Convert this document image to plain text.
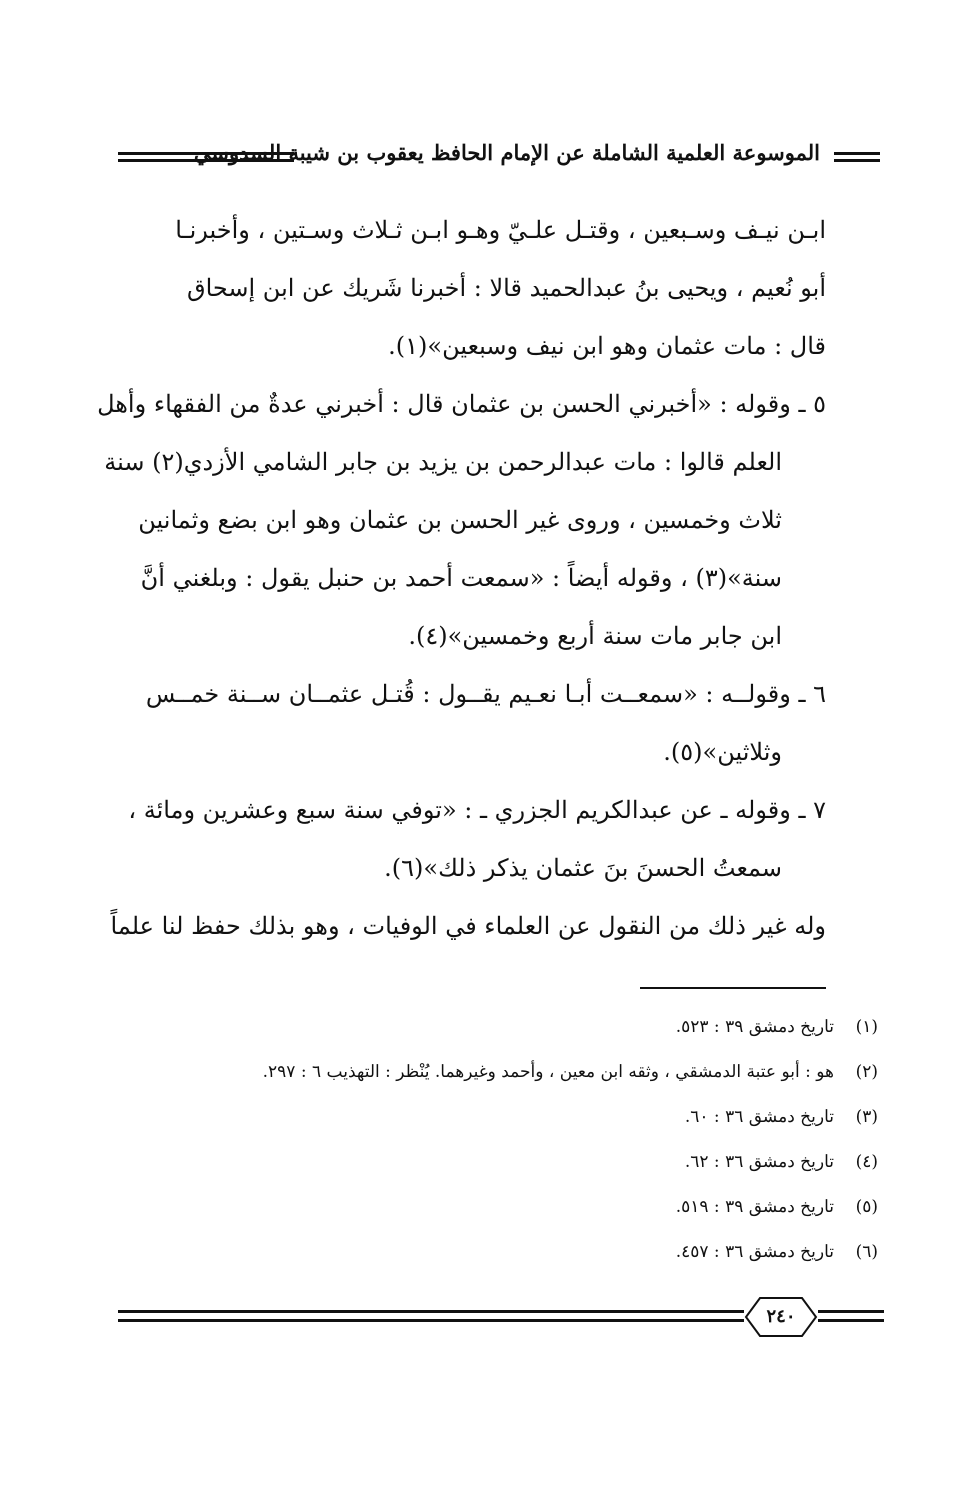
الموسوعة العلمية الشاملة عن الإمام الحافظ يعقوب بن شيبة السدوسي
ابـن نيـف وسـبعين ، وقتـل علـيّ وهـو ابـن ثـلاث وسـتين ، وأخبرنـا
أبو نُعيم ، ويحيى بنُ عبدالحميد قالا : أخبرنا شَريك عن ابن إسحاق
قال : مات عثمان وهو ابن نيف وسبعين»(١).
٥ ـ وقوله : «أخبرني الحسن بن عثمان قال : أخبرني عدةٌ من الفقهاء وأهل
العلم قالوا : مات عبدالرحمن بن يزيد بن جابر الشامي الأزدي(٢) سنة
ثلاث وخمسين ، وروى غير الحسن بن عثمان وهو ابن بضع وثمانين
سنة»(٣) ، وقوله أيضاً : «سمعت أحمد بن حنبل يقول : وبلغني أنَّ
ابن جابر مات سنة أربع وخمسين»(٤).
٦ ـ وقولــه : «سمعــت أبـا نعـيم يقــول : قُتـل عثمــان ســنة خمــس
وثلاثين»(٥).
٧ ـ وقوله ـ عن عبدالكريم الجزري ـ : «توفي سنة سبع وعشرين ومائة ،
سمعتُ الحسنَ بنَ عثمان يذكر ذلك»(٦).
وله غير ذلك من النقول عن العلماء في الوفيات ، وهو بذلك حفظ لنا علماً
(١)
تاريخ دمشق ٣٩ : ٥٢٣.
(٢)
هو : أبو عتبة الدمشقي ، وثقه ابن معين ، وأحمد وغيرهما. يُنْظر : التهذيب ٦ : ٢٩٧.
(٣)
تاريخ دمشق ٣٦ : ٦٠.
(٤)
تاريخ دمشق ٣٦ : ٦٢.
(٥)
تاريخ دمشق ٣٩ : ٥١٩.
(٦)
تاريخ دمشق ٣٦ : ٤٥٧.
٢٤٠
